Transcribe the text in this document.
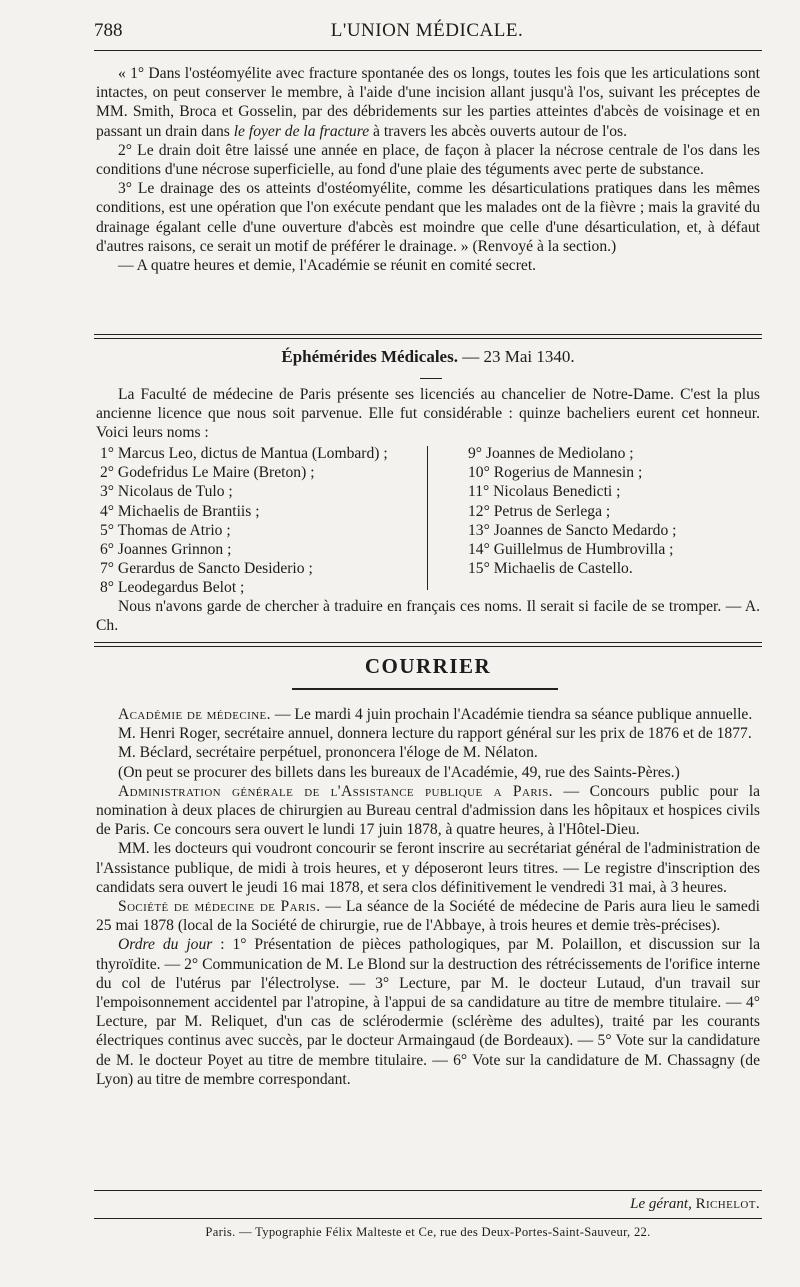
788	L'UNION MÉDICALE.

« 1° Dans l'ostéomyélite avec fracture spontanée des os longs, toutes les fois que les articulations sont intactes, on peut conserver le membre, à l'aide d'une incision allant jusqu'à l'os, suivant les préceptes de MM. Smith, Broca et Gosselin, par des débridements sur les parties atteintes d'abcès de voisinage et en passant un drain dans le foyer de la fracture à travers les abcès ouverts autour de l'os.

2° Le drain doit être laissé une année en place, de façon à placer la nécrose centrale de l'os dans les conditions d'une nécrose superficielle, au fond d'une plaie des téguments avec perte de substance.

3° Le drainage des os atteints d'ostéomyélite, comme les désarticulations pratiques dans les mêmes conditions, est une opération que l'on exécute pendant que les malades ont de la fièvre ; mais la gravité du drainage égalant celle d'une ouverture d'abcès est moindre que celle d'une désarticulation, et, à défaut d'autres raisons, ce serait un motif de préférer le drainage. » (Renvoyé à la section.)

— A quatre heures et demie, l'Académie se réunit en comité secret.

Éphémérides Médicales. — 23 Mai 1340.

La Faculté de médecine de Paris présente ses licenciés au chancelier de Notre-Dame. C'est la plus ancienne licence que nous soit parvenue. Elle fut considérable : quinze bacheliers eurent cet honneur. Voici leurs noms :

1° Marcus Leo, dictus de Mantua (Lombard) ;
2° Godefridus Le Maire (Breton) ;
3° Nicolaus de Tulo ;
4° Michaelis de Brantiis ;
5° Thomas de Atrio ;
6° Joannes Grinnon ;
7° Gerardus de Sancto Desiderio ;
8° Leodegardus Belot ;
9° Joannes de Mediolano ;
10° Rogerius de Mannesin ;
11° Nicolaus Benedicti ;
12° Petrus de Serlega ;
13° Joannes de Sancto Medardo ;
14° Guillelmus de Humbrovilla ;
15° Michaelis de Castello.

Nous n'avons garde de chercher à traduire en français ces noms. Il serait si facile de se tromper. — A. Ch.

COURRIER

Académie de médecine. — Le mardi 4 juin prochain l'Académie tiendra sa séance publique annuelle.

M. Henri Roger, secrétaire annuel, donnera lecture du rapport général sur les prix de 1876 et de 1877.

M. Béclard, secrétaire perpétuel, prononcera l'éloge de M. Nélaton.

(On peut se procurer des billets dans les bureaux de l'Académie, 49, rue des Saints-Pères.)

Administration générale de l'Assistance publique a Paris. — Concours public pour la nomination à deux places de chirurgien au Bureau central d'admission dans les hôpitaux et hospices civils de Paris. Ce concours sera ouvert le lundi 17 juin 1878, à quatre heures, à l'Hôtel-Dieu.

MM. les docteurs qui voudront concourir se feront inscrire au secrétariat général de l'administration de l'Assistance publique, de midi à trois heures, et y déposeront leurs titres. — Le registre d'inscription des candidats sera ouvert le jeudi 16 mai 1878, et sera clos définitivement le vendredi 31 mai, à 3 heures.

Société de médecine de Paris. — La séance de la Société de médecine de Paris aura lieu le samedi 25 mai 1878 (local de la Société de chirurgie, rue de l'Abbaye, à trois heures et demie très-précises).

Ordre du jour : 1° Présentation de pièces pathologiques, par M. Polaillon, et discussion sur la thyroïdite. — 2° Communication de M. Le Blond sur la destruction des rétrécissements de l'orifice interne du col de l'utérus par l'électrolyse. — 3° Lecture, par M. le docteur Lutaud, d'un travail sur l'empoisonnement accidentel par l'atropine, à l'appui de sa candidature au titre de membre titulaire. — 4° Lecture, par M. Reliquet, d'un cas de sclérodermie (sclérème des adultes), traité par les courants électriques continus avec succès, par le docteur Armaingaud (de Bordeaux). — 5° Vote sur la candidature de M. le docteur Poyet au titre de membre titulaire. — 6° Vote sur la candidature de M. Chassagny (de Lyon) au titre de membre correspondant.

Le gérant, Richelot.
Paris. — Typographie Félix Malteste et Ce, rue des Deux-Portes-Saint-Sauveur, 22.
